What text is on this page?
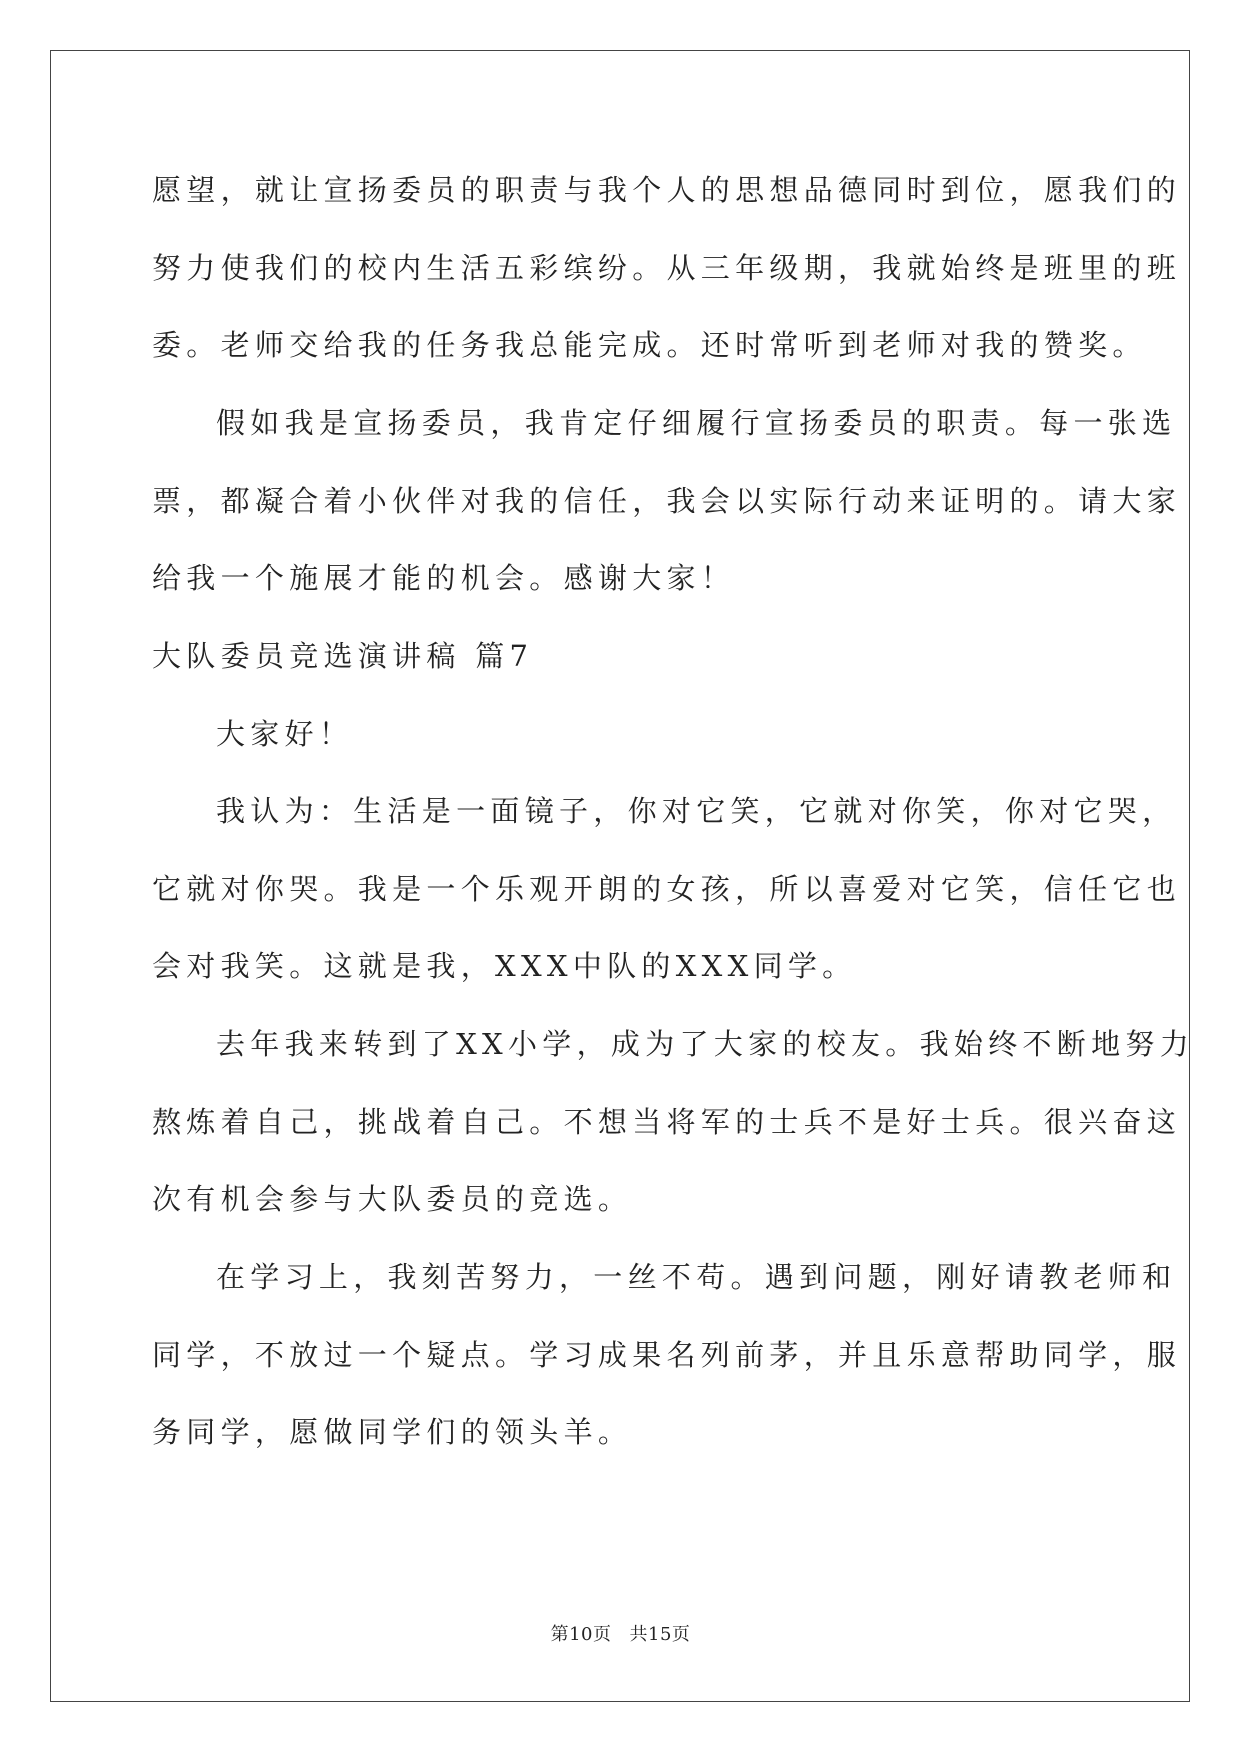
愿望，就让宣扬委员的职责与我个人的思想品德同时到位，愿我们的
努力使我们的校内生活五彩缤纷。从三年级期，我就始终是班里的班
委。老师交给我的任务我总能完成。还时常听到老师对我的赞奖。
假如我是宣扬委员，我肯定仔细履行宣扬委员的职责。每一张选
票，都凝合着小伙伴对我的信任，我会以实际行动来证明的。请大家
给我一个施展才能的机会。感谢大家！
大队委员竞选演讲稿 篇7
大家好！
我认为：生活是一面镜子，你对它笑，它就对你笑，你对它哭，
它就对你哭。我是一个乐观开朗的女孩，所以喜爱对它笑，信任它也
会对我笑。这就是我，XXX中队的XXX同学。
去年我来转到了XX小学，成为了大家的校友。我始终不断地努力
熬炼着自己，挑战着自己。不想当将军的士兵不是好士兵。很兴奋这
次有机会参与大队委员的竞选。
在学习上，我刻苦努力，一丝不苟。遇到问题，刚好请教老师和
同学，不放过一个疑点。学习成果名列前茅，并且乐意帮助同学，服
务同学，愿做同学们的领头羊。
第10页 共15页
